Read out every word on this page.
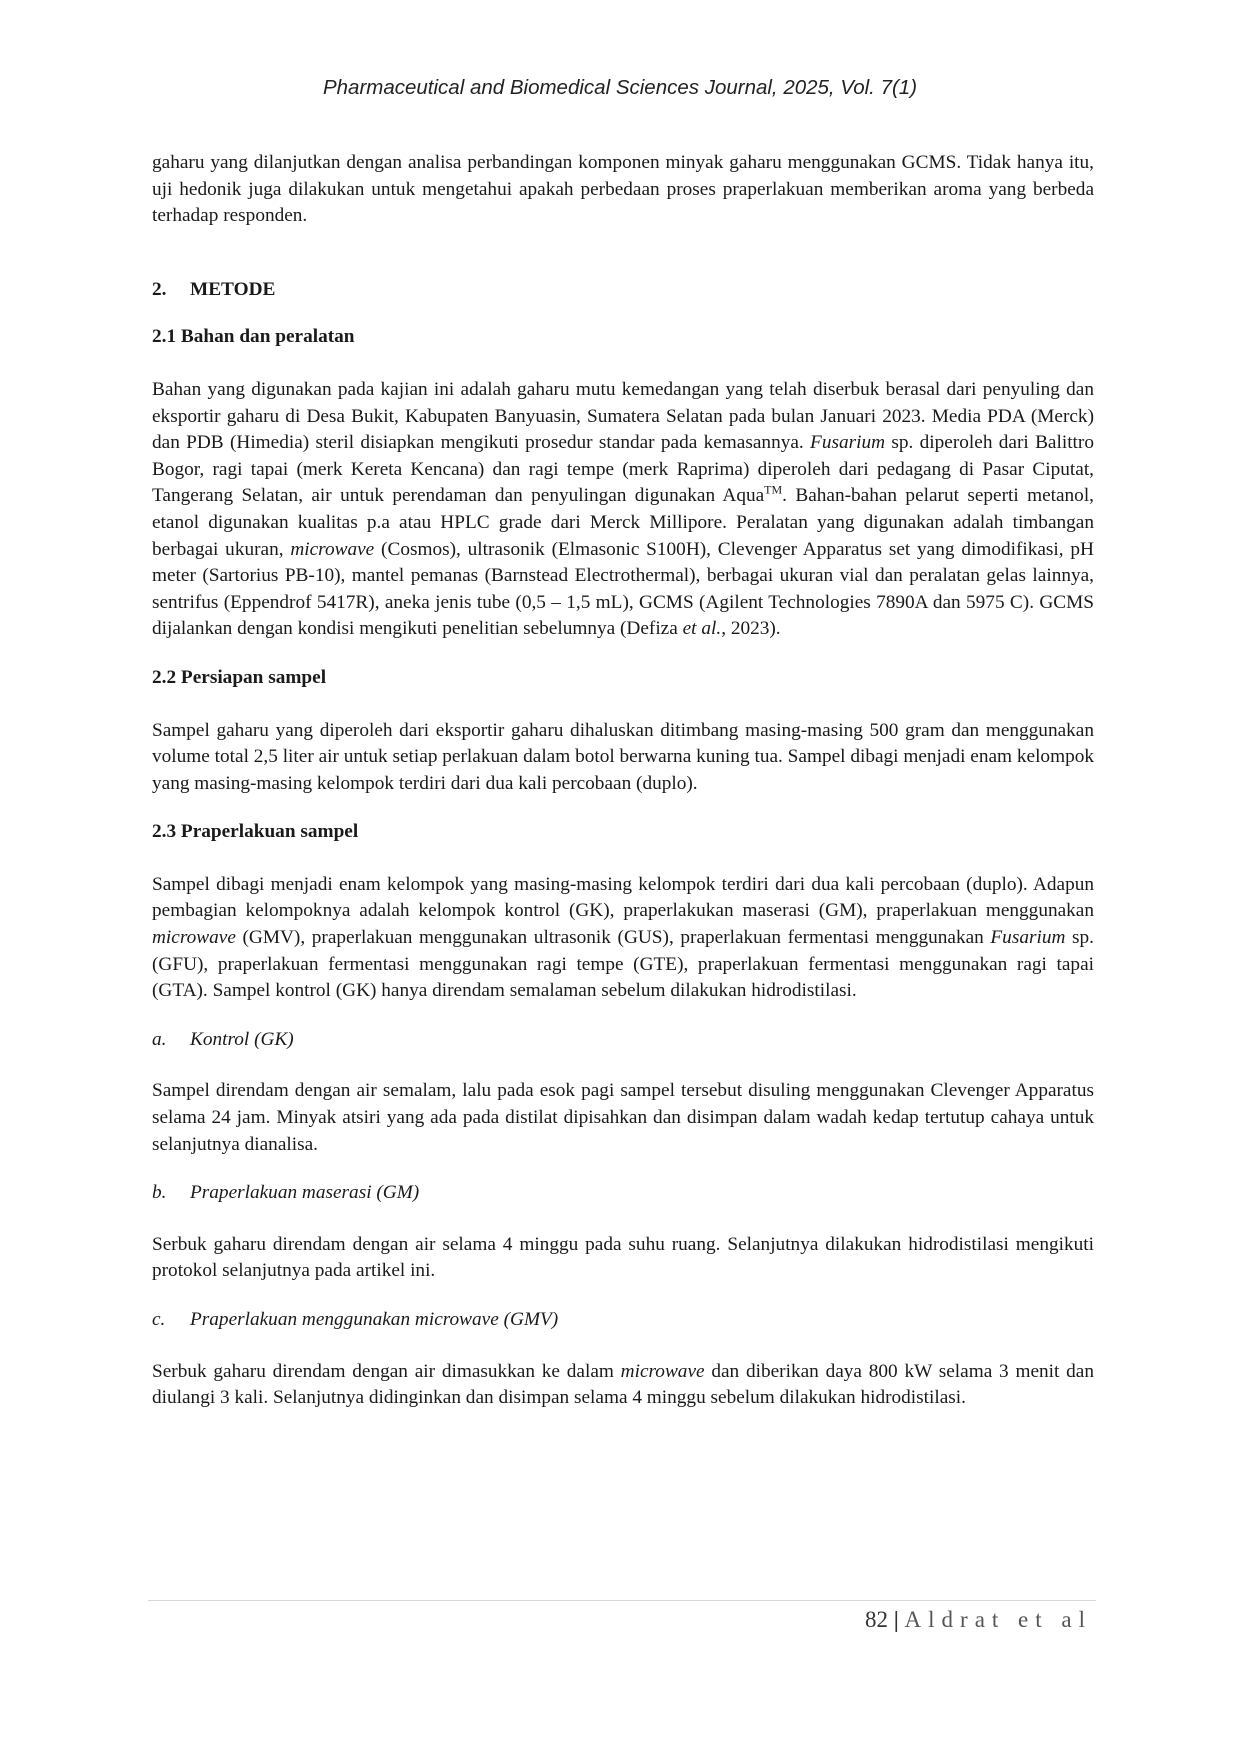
Pharmaceutical and Biomedical Sciences Journal, 2025, Vol. 7(1)

gaharu yang dilanjutkan dengan analisa perbandingan komponen minyak gaharu menggunakan GCMS. Tidak hanya itu, uji hedonik juga dilakukan untuk mengetahui apakah perbedaan proses praperlakuan memberikan aroma yang berbeda terhadap responden.

2. METODE

2.1 Bahan dan peralatan

Bahan yang digunakan pada kajian ini adalah gaharu mutu kemedangan yang telah diserbuk berasal dari penyuling dan eksportir gaharu di Desa Bukit, Kabupaten Banyuasin, Sumatera Selatan pada bulan Januari 2023. Media PDA (Merck) dan PDB (Himedia) steril disiapkan mengikuti prosedur standar pada kemasannya. Fusarium sp. diperoleh dari Balittro Bogor, ragi tapai (merk Kereta Kencana) dan ragi tempe (merk Raprima) diperoleh dari pedagang di Pasar Ciputat, Tangerang Selatan, air untuk perendaman dan penyulingan digunakan Aqua™. Bahan-bahan pelarut seperti metanol, etanol digunakan kualitas p.a atau HPLC grade dari Merck Millipore. Peralatan yang digunakan adalah timbangan berbagai ukuran, microwave (Cosmos), ultrasonik (Elmasonic S100H), Clevenger Apparatus set yang dimodifikasi, pH meter (Sartorius PB-10), mantel pemanas (Barnstead Electrothermal), berbagai ukuran vial dan peralatan gelas lainnya, sentrifus (Eppendrof 5417R), aneka jenis tube (0,5 – 1,5 mL), GCMS (Agilent Technologies 7890A dan 5975 C). GCMS dijalankan dengan kondisi mengikuti penelitian sebelumnya (Defiza et al., 2023).

2.2 Persiapan sampel

Sampel gaharu yang diperoleh dari eksportir gaharu dihaluskan ditimbang masing-masing 500 gram dan menggunakan volume total 2,5 liter air untuk setiap perlakuan dalam botol berwarna kuning tua. Sampel dibagi menjadi enam kelompok yang masing-masing kelompok terdiri dari dua kali percobaan (duplo).

2.3 Praperlakuan sampel

Sampel dibagi menjadi enam kelompok yang masing-masing kelompok terdiri dari dua kali percobaan (duplo). Adapun pembagian kelompoknya adalah kelompok kontrol (GK), praperlakukan maserasi (GM), praperlakuan menggunakan microwave (GMV), praperlakuan menggunakan ultrasonik (GUS), praperlakuan fermentasi menggunakan Fusarium sp. (GFU), praperlakuan fermentasi menggunakan ragi tempe (GTE), praperlakuan fermentasi menggunakan ragi tapai (GTA). Sampel kontrol (GK) hanya direndam semalaman sebelum dilakukan hidrodistilasi.

a. Kontrol (GK)

Sampel direndam dengan air semalam, lalu pada esok pagi sampel tersebut disuling menggunakan Clevenger Apparatus selama 24 jam. Minyak atsiri yang ada pada distilat dipisahkan dan disimpan dalam wadah kedap tertutup cahaya untuk selanjutnya dianalisa.

b. Praperlakuan maserasi (GM)

Serbuk gaharu direndam dengan air selama 4 minggu pada suhu ruang. Selanjutnya dilakukan hidrodistilasi mengikuti protokol selanjutnya pada artikel ini.

c. Praperlakuan menggunakan microwave (GMV)

Serbuk gaharu direndam dengan air dimasukkan ke dalam microwave dan diberikan daya 800 kW selama 3 menit dan diulangi 3 kali. Selanjutnya didinginkan dan disimpan selama 4 minggu sebelum dilakukan hidrodistilasi.

82 | Aldrat et al
